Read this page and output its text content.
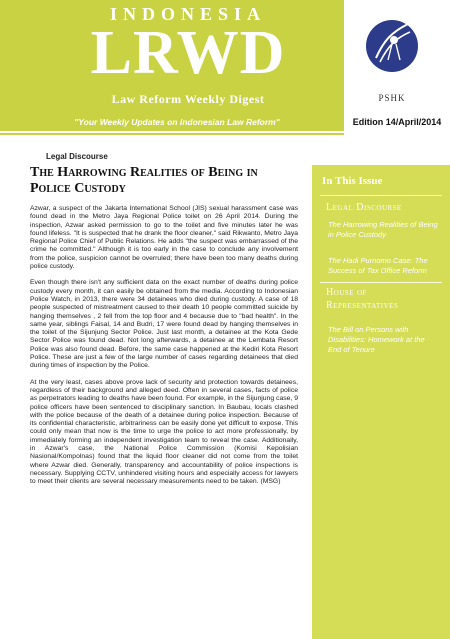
INDONESIA
LRWD
Law Reform Weekly Digest
"Your Weekly Updates on Indonesian Law Reform"
PSHK
Edition 14/April/2014
Legal Discourse
The Harrowing Realities of Being in Police Custody

Azwar, a suspect of the Jakarta International School (JIS) sexual harassment case was found dead in the Metro Jaya Regional Police toilet on 26 April 2014. During the inspection, Azwar asked permission to go to the toilet and five minutes later he was found lifeless. "It is suspected that he drank the floor cleaner," said Rikwanto, Metro Jaya Regional Police Chief of Public Relations. He adds "the suspect was embarrassed of the crime he committed." Although it is too early in the case to conclude any involvement from the police, suspicion cannot be overruled; there have been too many deaths during police custody.

Even though there isn't any sufficient data on the exact number of deaths during police custody every month, it can easily be obtained from the media. According to Indonesian Police Watch, in 2013, there were 34 detainees who died during custody. A case of 18 people suspected of mistreatment caused to their death 10 people committed suicide by hanging themselves , 2 fell from the top floor and 4 because due to "bad health". In the same year, siblings Faisal, 14 and Budri, 17 were found dead by hanging themselves in the toilet of the Sijunjung Sector Police. Just last month, a detainee at the Kota Gede Sector Police was found dead. Not long afterwards, a detainee at the Lembata Resort Police was also found dead. Before, the same case happened at the Kediri Kota Resort Police. These are just a few of the large number of cases regarding detainees that died during times of inspection by the Police.

At the very least, cases above prove lack of security and protection towards detainees, regardless of their background and alleged deed. Often in several cases, facts of police as perpetrators leading to deaths have been found. For example, in the Sijunjung case, 9 police officers have been sentenced to disciplinary sanction. In Baubau, locals clashed with the police because of the death of a detainee during police inspection. Because of its confidential characteristic, arbitrariness can be easily done yet difficult to expose. This could only mean that now is the time to urge the police to act more professionally, by immediately forming an independent investigation team to reveal the case. Additionally, in Azwar's case, the National Police Commission (Komisi Kepolisian Nasional/Kompolnas) found that the liquid floor cleaner did not come from the toilet where Azwar died. Generally, transparency and accountability of police inspections is necessary. Supplying CCTV, unhindered visiting hours and especially access for lawyers to meet their clients are several necessary measurements need to be taken. (MSG)

In This Issue
Legal Discourse
The Harrowing Realities of Being in Police Custody
The Hadi Purnomo Case: The Success of Tax Office Reform
House of Representatives
The Bill on Persons with Disabilities: Homework at the End of Tenure
